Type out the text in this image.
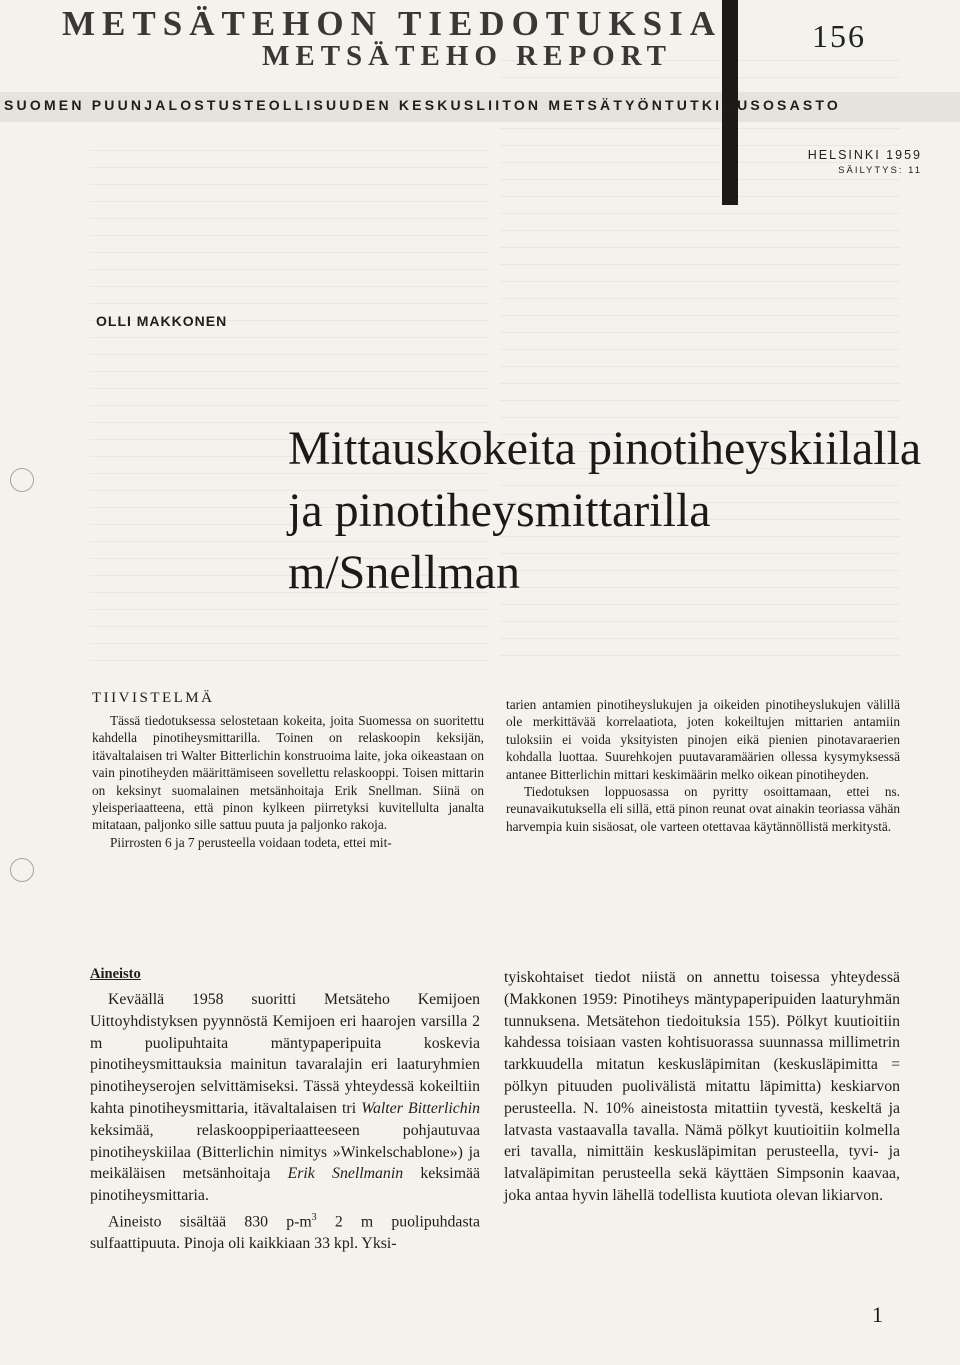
METSÄTEHON TIEDOTUKSIA
METSÄTEHO REPORT
156
SUOMEN PUUNJALOSTUSTEOLLISUUDEN KESKUSLIITON METSÄTYÖNTUTKIMUSOSASTO
HELSINKI 1959
SÄILYTYS: 11
OLLI MAKKONEN
Mittauskokeita pinotiheyskiilalla
ja pinotiheysmittarilla
m/Snellman
TIIVISTELMÄ

Tässä tiedotuksessa selostetaan kokeita, joita Suomessa on suoritettu kahdella pinotiheysmittarilla. Toinen on relaskoopin keksijän, itävaltalaisen tri Walter Bitterlichin konstruoima laite, joka oikeastaan on vain pinotiheyden määrittämiseen sovellettu relaskooppi. Toisen mittarin on keksinyt suomalainen metsänhoitaja Erik Snellman. Siinä on yleisperiaatteena, että pinon kylkeen piirretyksi kuvitellulta janalta mitataan, paljonko sille sattuu puuta ja paljonko rakoja.

Piirrosten 6 ja 7 perusteella voidaan todeta, ettei mit-

tarien antamien pinotiheyslukujen ja oikeiden pinotiheyslukujen välillä ole merkittävää korrelaatiota, joten kokeiltujen mittarien antamiin tuloksiin ei voida yksityisten pinojen eikä pienien pinotavaraerien kohdalla luottaa. Suurehkojen puutavaramäärien ollessa kysymyksessä antanee Bitterlichin mittari keskimäärin melko oikean pinotiheyden.

Tiedotuksen loppuosassa on pyritty osoittamaan, ettei ns. reunavaikutuksella eli sillä, että pinon reunat ovat ainakin teoriassa vähän harvempia kuin sisäosat, ole varteen otettavaa käytännöllistä merkitystä.

Aineisto

Keväällä 1958 suoritti Metsäteho Kemijoen Uittoyhdistyksen pyynnöstä Kemijoen eri haarojen varsilla 2 m puolipuhtaita mäntypaperipuita koskevia pinotiheysmittauksia mainitun tavaralajin eri laaturyhmien pinotiheyserojen selvittämiseksi. Tässä yhteydessä kokeiltiin kahta pinotiheysmittaria, itävaltalaisen tri Walter Bitterlichin keksimää, relaskooppiperiaatteeseen pohjautuvaa pinotiheyskiilaa (Bitterlichin nimitys »Winkelschablone») ja meikäläisen metsänhoitaja Erik Snellmanin keksimää pinotiheysmittaria.

Aineisto sisältää 830 $p-m^3$ 2 m puolipuhdasta sulfaattipuuta. Pinoja oli kaikkiaan 33 kpl. Yksi-

tyiskohtaiset tiedot niistä on annettu toisessa yhteydessä (Makkonen 1959: Pinotiheys mäntypaperipuiden laaturyhmän tunnuksena. Metsätehon tiedoituksia 155). Pölkyt kuutioitiin kahdessa toisiaan vasten kohtisuorassa suunnassa millimetrin tarkkuudella mitatun keskusläpimitan (keskusläpimitta = pölkyn pituuden puolivälistä mitattu läpimitta) keskiarvon perusteella. N. 10% aineistosta mitattiin tyvestä, keskeltä ja latvasta vastaavalla tavalla. Nämä pölkyt kuutioitiin kolmella eri tavalla, nimittäin keskusläpimitan perusteella, tyvi- ja latvaläpimitan perusteella sekä käyttäen Simpsonin kaavaa, joka antaa hyvin lähellä todellista kuutiota olevan likiarvon.

1
